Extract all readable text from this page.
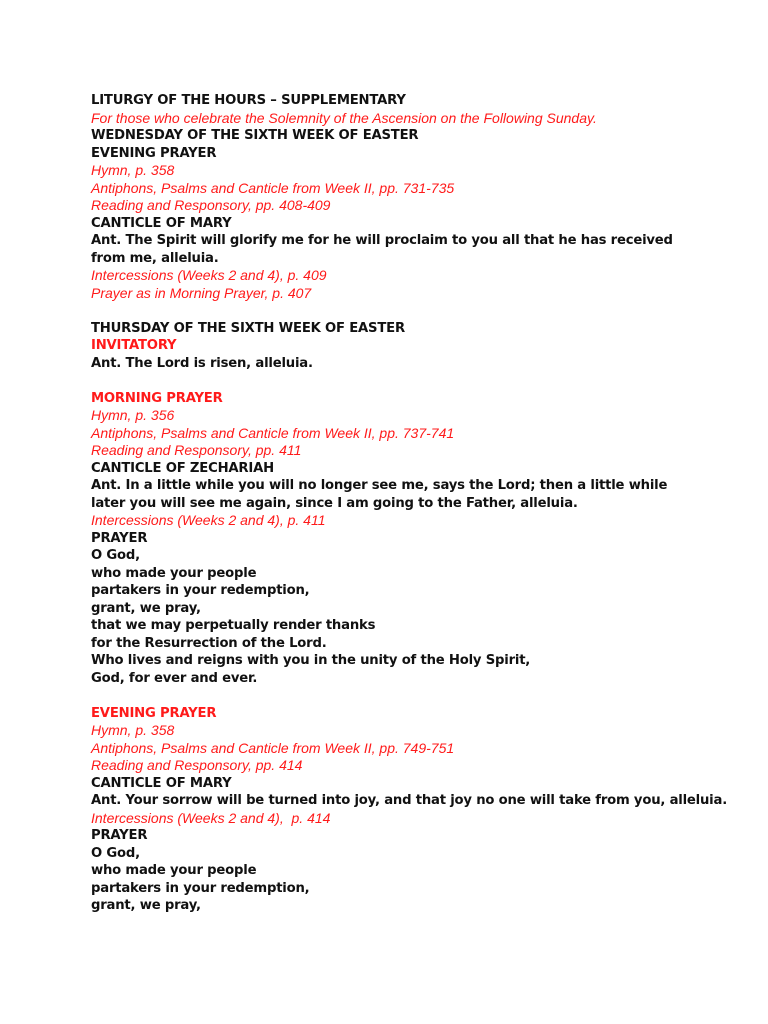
LITURGY OF THE HOURS – SUPPLEMENTARY
For those who celebrate the Solemnity of the Ascension on the Following Sunday.
WEDNESDAY OF THE SIXTH WEEK OF EASTER
EVENING PRAYER
Hymn, p. 358
Antiphons, Psalms and Canticle from Week II, pp. 731-735
Reading and Responsory, pp. 408-409
CANTICLE OF MARY
Ant. The Spirit will glorify me for he will proclaim to you all that he has received from me, alleluia.
Intercessions (Weeks 2 and 4), p. 409
Prayer as in Morning Prayer, p. 407
THURSDAY OF THE SIXTH WEEK OF EASTER
INVITATORY
Ant. The Lord is risen, alleluia.
MORNING PRAYER
Hymn, p. 356
Antiphons, Psalms and Canticle from Week II, pp. 737-741
Reading and Responsory, pp. 411
CANTICLE OF ZECHARIAH
Ant. In a little while you will no longer see me, says the Lord; then a little while later you will see me again, since I am going to the Father, alleluia.
Intercessions (Weeks 2 and 4), p. 411
PRAYER
O God,
who made your people
partakers in your redemption,
grant, we pray,
that we may perpetually render thanks
for the Resurrection of the Lord.
Who lives and reigns with you in the unity of the Holy Spirit,
God, for ever and ever.
EVENING PRAYER
Hymn, p. 358
Antiphons, Psalms and Canticle from Week II, pp. 749-751
Reading and Responsory, pp. 414
CANTICLE OF MARY
Ant. Your sorrow will be turned into joy, and that joy no one will take from you, alleluia.
Intercessions (Weeks 2 and 4),  p. 414
PRAYER
O God,
who made your people
partakers in your redemption,
grant, we pray,
